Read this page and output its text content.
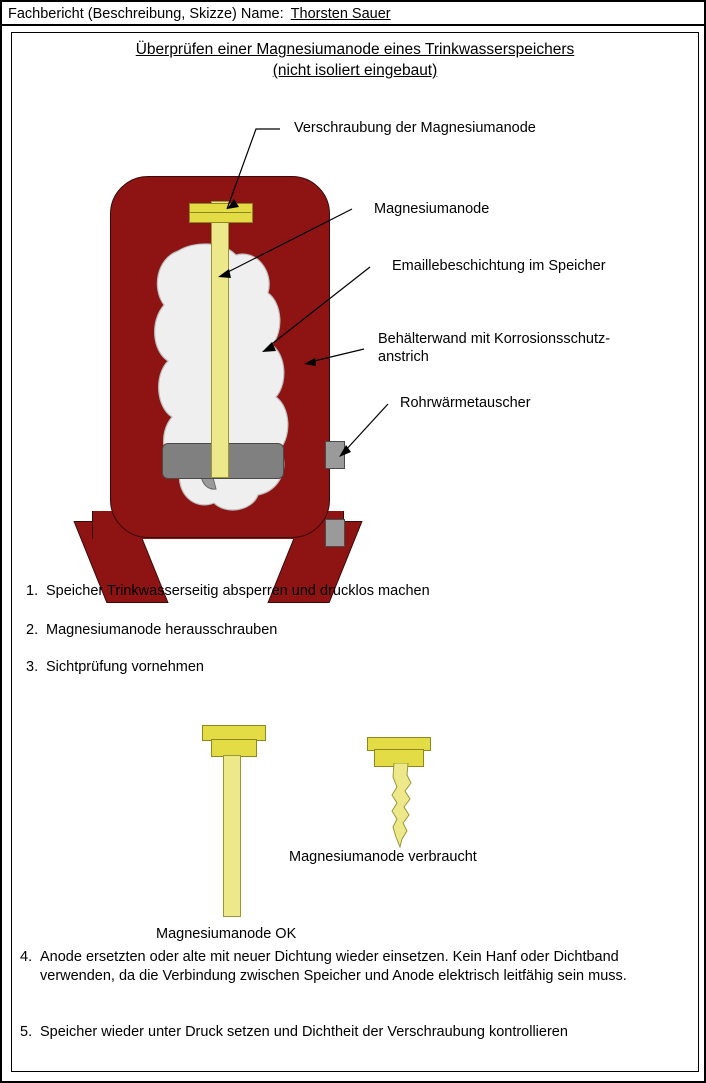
Fachbericht (Beschreibung, Skizze) Name: Thorsten Sauer
Überprüfen einer Magnesiumanode eines Trinkwasserspeichers
(nicht isoliert eingebaut)
Verschraubung der Magnesiumanode
Magnesiumanode
Emaillebeschichtung im Speicher
Behälterwand mit Korrosionsschutz-
anstrich
Rohrwärmetauscher
1. Speicher Trinkwasserseitig absperren und drucklos machen
2. Magnesiumanode herausschrauben
3. Sichtprüfung vornehmen
Magnesiumanode verbraucht
Magnesiumanode OK
4. Anode ersetzten oder alte mit neuer Dichtung wieder einsetzen. Kein Hanf oder Dichtband verwenden, da die Verbindung zwischen Speicher und Anode elektrisch leitfähig sein muss.
5. Speicher wieder unter Druck setzen und Dichtheit der Verschraubung kontrollieren
